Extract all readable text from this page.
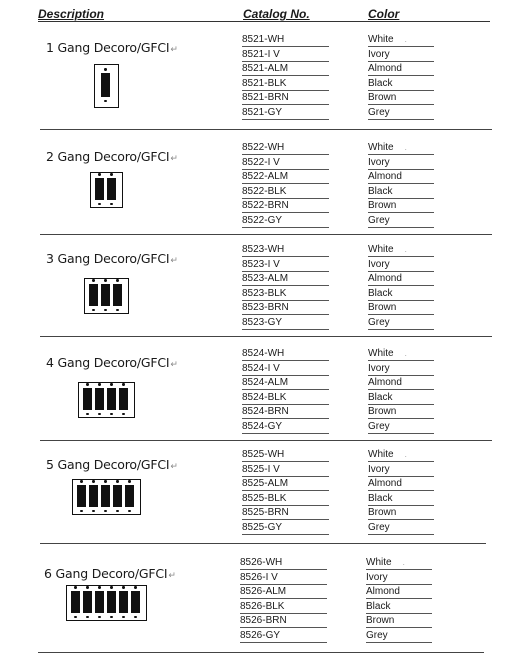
Description	Catalog No.	Color
1 Gang Decoro/GFCI↵
8521-WH	White     .
8521-I V	Ivory
8521-ALM	Almond
8521-BLK	Black
8521-BRN	Brown
8521-GY	Grey
2 Gang Decoro/GFCI↵
8522-WH	White     .
8522-I V	Ivory
8522-ALM	Almond
8522-BLK	Black
8522-BRN	Brown
8522-GY	Grey
3 Gang Decoro/GFCI↵
8523-WH	White     .
8523-I V	Ivory
8523-ALM	Almond
8523-BLK	Black
8523-BRN	Brown
8523-GY	Grey
4 Gang Decoro/GFCI↵
8524-WH	White     .
8524-I V	Ivory
8524-ALM	Almond
8524-BLK	Black
8524-BRN	Brown
8524-GY	Grey
5 Gang Decoro/GFCI↵
8525-WH	White     .
8525-I V	Ivory
8525-ALM	Almond
8525-BLK	Black
8525-BRN	Brown
8525-GY	Grey
6 Gang Decoro/GFCI↵
8526-WH	White     .
8526-I V	Ivory
8526-ALM	Almond
8526-BLK	Black
8526-BRN	Brown
8526-GY	Grey
